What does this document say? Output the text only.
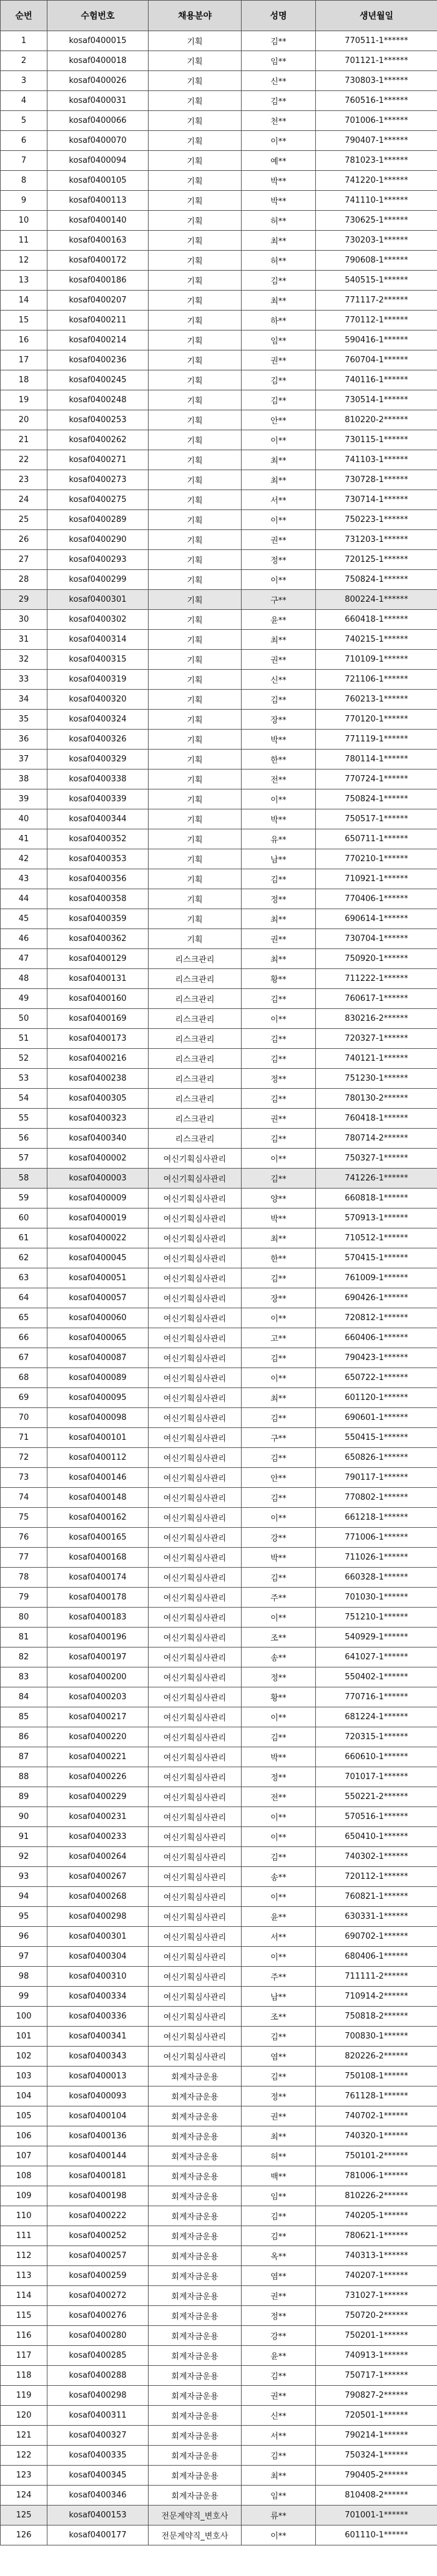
순번	수험번호	채용분야	성명	생년월일
1	kosaf0400015	기획	김**	770511-1******
2	kosaf0400018	기획	임**	701121-1******
3	kosaf0400026	기획	신**	730803-1******
4	kosaf0400031	기획	김**	760516-1******
5	kosaf0400066	기획	천**	701006-1******
6	kosaf0400070	기획	이**	790407-1******
7	kosaf0400094	기획	예**	781023-1******
8	kosaf0400105	기획	박**	741220-1******
9	kosaf0400113	기획	박**	741110-1******
10	kosaf0400140	기획	허**	730625-1******
11	kosaf0400163	기획	최**	730203-1******
12	kosaf0400172	기획	허**	790608-1******
13	kosaf0400186	기획	김**	540515-1******
14	kosaf0400207	기획	최**	771117-2******
15	kosaf0400211	기획	하**	770112-1******
16	kosaf0400214	기획	임**	590416-1******
17	kosaf0400236	기획	권**	760704-1******
18	kosaf0400245	기획	김**	740116-1******
19	kosaf0400248	기획	김**	730514-1******
20	kosaf0400253	기획	안**	810220-2******
21	kosaf0400262	기획	이**	730115-1******
22	kosaf0400271	기획	최**	741103-1******
23	kosaf0400273	기획	최**	730728-1******
24	kosaf0400275	기획	서**	730714-1******
25	kosaf0400289	기획	이**	750223-1******
26	kosaf0400290	기획	권**	731203-1******
27	kosaf0400293	기획	정**	720125-1******
28	kosaf0400299	기획	이**	750824-1******
29	kosaf0400301	기획	구**	800224-1******
30	kosaf0400302	기획	윤**	660418-1******
31	kosaf0400314	기획	최**	740215-1******
32	kosaf0400315	기획	권**	710109-1******
33	kosaf0400319	기획	신**	721106-1******
34	kosaf0400320	기획	김**	760213-1******
35	kosaf0400324	기획	장**	770120-1******
36	kosaf0400326	기획	박**	771119-1******
37	kosaf0400329	기획	한**	780114-1******
38	kosaf0400338	기획	전**	770724-1******
39	kosaf0400339	기획	이**	750824-1******
40	kosaf0400344	기획	박**	750517-1******
41	kosaf0400352	기획	유**	650711-1******
42	kosaf0400353	기획	남**	770210-1******
43	kosaf0400356	기획	김**	710921-1******
44	kosaf0400358	기획	정**	770406-1******
45	kosaf0400359	기획	최**	690614-1******
46	kosaf0400362	기획	권**	730704-1******
47	kosaf0400129	리스크관리	최**	750920-1******
48	kosaf0400131	리스크관리	황**	711222-1******
49	kosaf0400160	리스크관리	김**	760617-1******
50	kosaf0400169	리스크관리	이**	830216-2******
51	kosaf0400173	리스크관리	김**	720327-1******
52	kosaf0400216	리스크관리	김**	740121-1******
53	kosaf0400238	리스크관리	정**	751230-1******
54	kosaf0400305	리스크관리	김**	780130-2******
55	kosaf0400323	리스크관리	권**	760418-1******
56	kosaf0400340	리스크관리	김**	780714-2******
57	kosaf0400002	여신기획심사관리	이**	750327-1******
58	kosaf0400003	여신기획심사관리	김**	741226-1******
59	kosaf0400009	여신기획심사관리	양**	660818-1******
60	kosaf0400019	여신기획심사관리	박**	570913-1******
61	kosaf0400022	여신기획심사관리	최**	710512-1******
62	kosaf0400045	여신기획심사관리	한**	570415-1******
63	kosaf0400051	여신기획심사관리	김**	761009-1******
64	kosaf0400057	여신기획심사관리	장**	690426-1******
65	kosaf0400060	여신기획심사관리	이**	720812-1******
66	kosaf0400065	여신기획심사관리	고**	660406-1******
67	kosaf0400087	여신기획심사관리	김**	790423-1******
68	kosaf0400089	여신기획심사관리	이**	650722-1******
69	kosaf0400095	여신기획심사관리	최**	601120-1******
70	kosaf0400098	여신기획심사관리	김**	690601-1******
71	kosaf0400101	여신기획심사관리	구**	550415-1******
72	kosaf0400112	여신기획심사관리	김**	650826-1******
73	kosaf0400146	여신기획심사관리	안**	790117-1******
74	kosaf0400148	여신기획심사관리	김**	770802-1******
75	kosaf0400162	여신기획심사관리	이**	661218-1******
76	kosaf0400165	여신기획심사관리	강**	771006-1******
77	kosaf0400168	여신기획심사관리	박**	711026-1******
78	kosaf0400174	여신기획심사관리	김**	660328-1******
79	kosaf0400178	여신기획심사관리	주**	701030-1******
80	kosaf0400183	여신기획심사관리	이**	751210-1******
81	kosaf0400196	여신기획심사관리	조**	540929-1******
82	kosaf0400197	여신기획심사관리	송**	641027-1******
83	kosaf0400200	여신기획심사관리	정**	550402-1******
84	kosaf0400203	여신기획심사관리	황**	770716-1******
85	kosaf0400217	여신기획심사관리	이**	681224-1******
86	kosaf0400220	여신기획심사관리	김**	720315-1******
87	kosaf0400221	여신기획심사관리	박**	660610-1******
88	kosaf0400226	여신기획심사관리	정**	701017-1******
89	kosaf0400229	여신기획심사관리	전**	550221-2******
90	kosaf0400231	여신기획심사관리	이**	570516-1******
91	kosaf0400233	여신기획심사관리	이**	650410-1******
92	kosaf0400264	여신기획심사관리	김**	740302-1******
93	kosaf0400267	여신기획심사관리	송**	720112-1******
94	kosaf0400268	여신기획심사관리	이**	760821-1******
95	kosaf0400298	여신기획심사관리	윤**	630331-1******
96	kosaf0400301	여신기획심사관리	서**	690702-1******
97	kosaf0400304	여신기획심사관리	이**	680406-1******
98	kosaf0400310	여신기획심사관리	주**	711111-2******
99	kosaf0400334	여신기획심사관리	남**	710914-2******
100	kosaf0400336	여신기획심사관리	조**	750818-2******
101	kosaf0400341	여신기획심사관리	김**	700830-1******
102	kosaf0400343	여신기획심사관리	염**	820226-2******
103	kosaf0400013	회계자금운용	김**	750108-1******
104	kosaf0400093	회계자금운용	정**	761128-1******
105	kosaf0400104	회계자금운용	권**	740702-1******
106	kosaf0400136	회계자금운용	최**	740320-1******
107	kosaf0400144	회계자금운용	허**	750101-2******
108	kosaf0400181	회계자금운용	백**	781006-1******
109	kosaf0400198	회계자금운용	임**	810226-2******
110	kosaf0400222	회계자금운용	김**	740205-1******
111	kosaf0400252	회계자금운용	김**	780621-1******
112	kosaf0400257	회계자금운용	옥**	740313-1******
113	kosaf0400259	회계자금운용	염**	740207-1******
114	kosaf0400272	회계자금운용	권**	731027-1******
115	kosaf0400276	회계자금운용	정**	750720-2******
116	kosaf0400280	회계자금운용	강**	750201-1******
117	kosaf0400285	회계자금운용	윤**	740913-1******
118	kosaf0400288	회계자금운용	김**	750717-1******
119	kosaf0400298	회계자금운용	권**	790827-2******
120	kosaf0400311	회계자금운용	신**	720501-1******
121	kosaf0400327	회계자금운용	서**	790214-1******
122	kosaf0400335	회계자금운용	김**	750324-1******
123	kosaf0400345	회계자금운용	최**	790405-2******
124	kosaf0400346	회계자금운용	임**	810408-2******
125	kosaf0400153	전문계약직_변호사	류**	701001-1******
126	kosaf0400177	전문계약직_변호사	이**	601110-1******
